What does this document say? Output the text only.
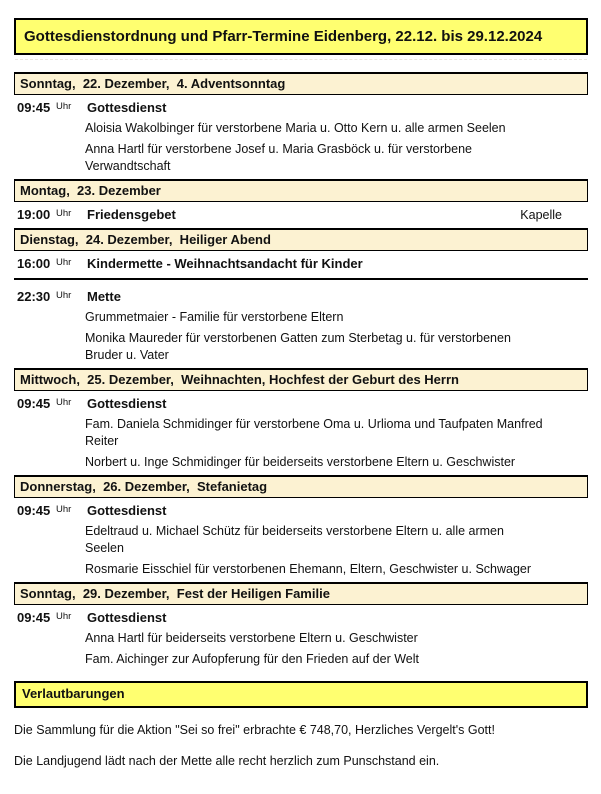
Gottesdienstordnung und Pfarr-Termine Eidenberg, 22.12. bis 29.12.2024
Sonntag,  22. Dezember,  4. Adventsonntag
09:45 Uhr Gottesdienst

Aloisia Wakolbinger für verstorbene Maria u. Otto Kern u. alle armen Seelen

Anna Hartl für verstorbene Josef u. Maria Grasböck u. für verstorbene Verwandtschaft

Montag,  23. Dezember
19:00 Uhr Friedensgebet	Kapelle
Dienstag,  24. Dezember,  Heiliger Abend
16:00 Uhr Kindermette - Weihnachtsandacht für Kinder
22:30 Uhr Mette

Grummetmaier - Familie für verstorbene Eltern

Monika Maureder für verstorbenen Gatten zum Sterbetag u. für verstorbenen Bruder u. Vater

Mittwoch,  25. Dezember,  Weihnachten, Hochfest der Geburt des Herrn
09:45 Uhr Gottesdienst

Fam. Daniela Schmidinger für verstorbene Oma u. Urlioma und Taufpaten Manfred Reiter

Norbert u. Inge Schmidinger für beiderseits verstorbene Eltern u. Geschwister

Donnerstag,  26. Dezember,  Stefanietag
09:45 Uhr Gottesdienst

Edeltraud u. Michael Schütz für beiderseits verstorbene Eltern u. alle armen Seelen

Rosmarie Eisschiel für verstorbenen Ehemann, Eltern, Geschwister u. Schwager

Sonntag,  29. Dezember,  Fest der Heiligen Familie
09:45 Uhr Gottesdienst

Anna Hartl für beiderseits verstorbene Eltern u. Geschwister

Fam. Aichinger zur Aufopferung für den Frieden auf der Welt

Verlautbarungen

Die Sammlung für die Aktion "Sei so frei" erbrachte € 748,70, Herzliches Vergelt's Gott!

Die Landjugend lädt nach der Mette alle recht herzlich zum Punschstand ein.
